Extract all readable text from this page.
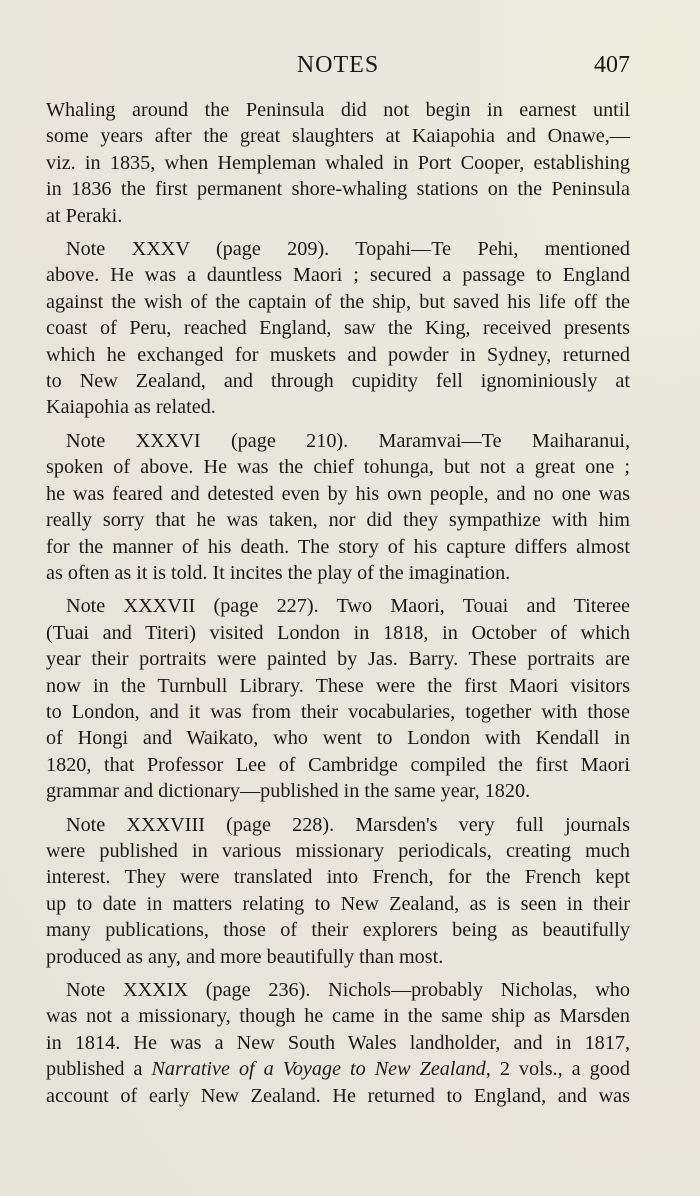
NOTES	407

Whaling around the Peninsula did not begin in earnest until
some years after the great slaughters at Kaiapohia and Onawe,—
viz. in 1835, when Hempleman whaled in Port Cooper, establishing
in 1836 the first permanent shore-whaling stations on the Peninsula
at Peraki.

Note XXXV (page 209). Topahi—Te Pehi, mentioned
above. He was a dauntless Maori ; secured a passage to England
against the wish of the captain of the ship, but saved his life off the
coast of Peru, reached England, saw the King, received presents
which he exchanged for muskets and powder in Sydney, returned
to New Zealand, and through cupidity fell ignominiously at
Kaiapohia as related.

Note XXXVI (page 210). Maramvai—Te Maiharanui,
spoken of above. He was the chief tohunga, but not a great one ;
he was feared and detested even by his own people, and no one was
really sorry that he was taken, nor did they sympathize with him
for the manner of his death. The story of his capture differs almost
as often as it is told. It incites the play of the imagination.

Note XXXVII (page 227). Two Maori, Touai and Titeree
(Tuai and Titeri) visited London in 1818, in October of which
year their portraits were painted by Jas. Barry. These portraits are
now in the Turnbull Library. These were the first Maori visitors
to London, and it was from their vocabularies, together with those
of Hongi and Waikato, who went to London with Kendall in
1820, that Professor Lee of Cambridge compiled the first Maori
grammar and dictionary—published in the same year, 1820.

Note XXXVIII (page 228). Marsden's very full journals
were published in various missionary periodicals, creating much
interest. They were translated into French, for the French kept
up to date in matters relating to New Zealand, as is seen in their
many publications, those of their explorers being as beautifully
produced as any, and more beautifully than most.

Note XXXIX (page 236). Nichols—probably Nicholas, who
was not a missionary, though he came in the same ship as Marsden
in 1814. He was a New South Wales landholder, and in 1817,
published a Narrative of a Voyage to New Zealand, 2 vols., a good
account of early New Zealand. He returned to England, and was
